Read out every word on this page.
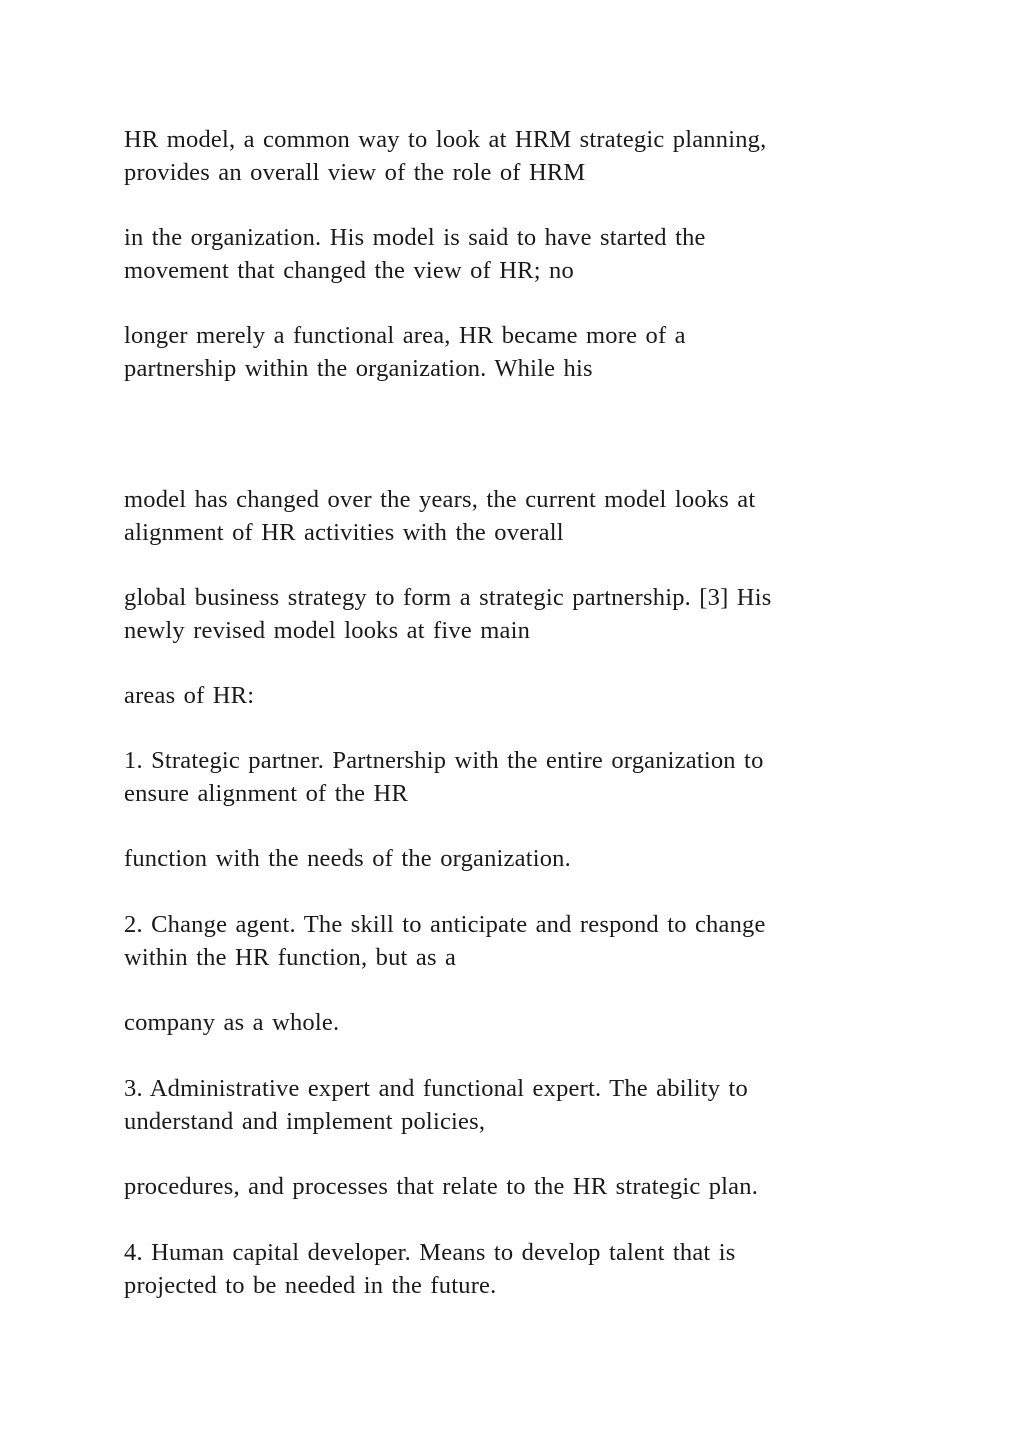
HR model, a common way to look at HRM strategic planning,
provides an overall view of the role of HRM

in the organization. His model is said to have started the
movement that changed the view of HR; no

longer merely a functional area, HR became more of a
partnership within the organization. While his

model has changed over the years, the current model looks at
alignment of HR activities with the overall

global business strategy to form a strategic partnership. [3] His
newly revised model looks at five main

areas of HR:

1. Strategic partner. Partnership with the entire organization to
ensure alignment of the HR

function with the needs of the organization.

2. Change agent. The skill to anticipate and respond to change
within the HR function, but as a

company as a whole.

3. Administrative expert and functional expert. The ability to
understand and implement policies,

procedures, and processes that relate to the HR strategic plan.

4. Human capital developer. Means to develop talent that is
projected to be needed in the future.
